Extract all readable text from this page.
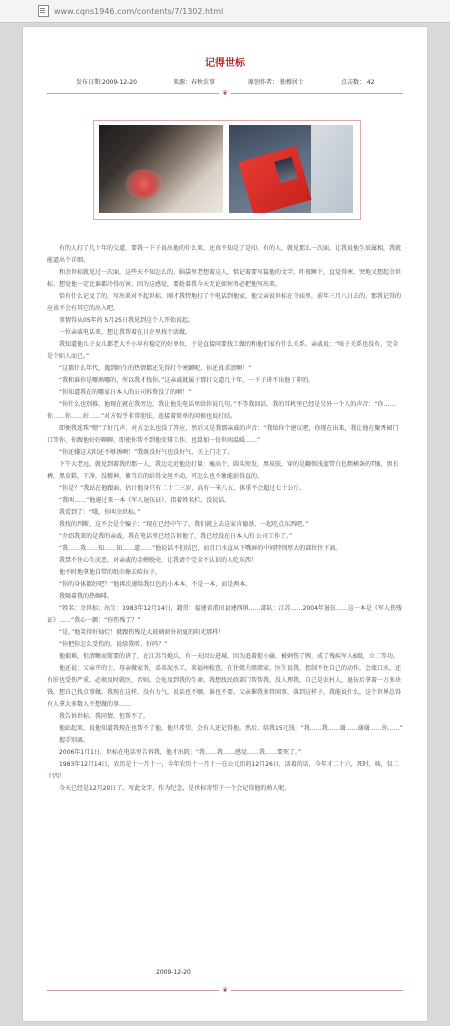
www.cqns1946.com/contents/7/1302.html
记得世标
发布日期:2009-12-20	来源：春秋农事	原创作者： 独穆居士	点击数： 42
❦

有的人打了几十年的交道，要我一下子说出他的什么来，还真不知是了是印。有的人，就见那么一次面，让我说他生辰属相，我就能道出个详细。

和余世标就见过一次面，这些天不知怎么的，脑袋里老想着这人，惦记着要写篇他的文字，昨夜睡下，直觉得寒，突地又想起余世标。想觉他一定比谁都冷得厉害，因为这感觉，要趁着我今天无论如何务必把他写出来。

恰有什么记叉了的，写出来对不起世标，刚才我特地打了个电话到他家，他父亲说世标在寺庙里，前年三月八日去的。那我记得的应该不会有其它的出入吧。

事情得从05年的 5月25日我见到这个人开始说起。

一位亲戚电话来，想让我帮着在日企里找个活做。

我知道他儿子女儿都老大不小早有稳定的好单位，于是直接问要找工做的和他们家有什么关系。亲戚说：“咳子关系也没有，完全是个陌人而已。”

“这都什么年代，遇到陌生的热情都还先得打个寒颤呢，你还真求清啊！”

“我和谁你是哪熟哪的，所以我才找你。”这亲戚就属于那打交道几十年，一下子讲不出他丁卯的。

“你知道我在的哪家日本人的公司拆资没了的啊！”

“你什么也别推，他现在就在我旁边，我让他先电话里给你说几句。”不等我回话，我的耳机里已经是另外一个人的声音：“你……你……你……好……”对方似乎非常胆怯，连接着简单的问候也说打结。

即便我连珠“嗯”了好几声，对方怎么也没了答应，然后又是我那亲戚的声音：“我给你个建议吧，你现在出来，我让他在聚香园门口等你，你跟他好好聊聊，即使你帮不到他安排工作，也算加一份世间温暖……”

“你还嫌这大阳还不够诱啊！”我既没好气也没好气，关上门走了。

下午大老远，就见到着我的那一人，我边走近他边打量：瘦高个，圆头短发，黑皮肤，穿的是翻领浅蓝带白色粗横条的T恤，黑长裤，黑皮鞋，干净，没精神，象当兵的站得文丝不动，可怎么也不象能站得直的。

“你是？”我站在他跟面，估计他身只有二十二三岁，高有一米八五，体重不会超过七十公斤。

“我叫……”他递过来一本《军人退伍证》，指着姓名栏，没说话。

我看到了：“哦，你叫余世标。”

我找的判断，这不会是个骗子：“现在已经中午了，我们就上去这家肯德基，一起吃点东西吧。”

“介绍我来的是我的亲戚，我在电话里已经告诉他了，我已经没在日本人的 公司工作了。”

“我……我……知……知……道……”他说话不但结巴，而且口水直从下嘴唇的中间特别厚大的部位往下淌。

我禁不住心生厌恶，对亲戚的金蝉脱壳，让我请个完全不认识的人吃东西！

他不时地拿他自带的纸巾擦去哈拉子。

“你的身体都好吧？”他再次递给我红色的小本本，不是一本，而是两本。

我喝着我的热咖啡。

“姓名：余世标；出生：1983年12月14日，籍贯：福建省莆田县建西镇……部队：江苏……2004年退伍……这一本是《军人伤残证》……”我心一颤：“你伤残了？”

“是。”他笑得好灿烂！就跟伤残是大玻璃窗外初夏的阳光那样！

“你把你怎么受伤的，说给我听，好吗？”

他艰难，但清晰而简要的讲了，在江苏当炮兵，有一天因公进城，因为追着捉小偷，被刺伤了脾，成了残疾军人6级，立二等功。

他还说：父亲开的士，母亲做家务，弟弟泥水工，来福州检查，在住姐夫姐姐家。医生说我，控制不住自己的动作，会流口水，还有肝也受伤严重，必须及时就医，否则，会危及到我的生命。我想找民政部门帮帮我，没人理我，自己是农村人，退伍后拿着一万多块钱，想自己找点事做。我现在这样，没有力气，说话也不顺，谁也不要。父亲催我多管闲事，落到这样子。我能说什么，这个世界总得有人拿大多数人不想做的事……

我告诉世标，我同情，但帮不了。

他站起来，说他知道我现在也帮不了他，他只希望，会有人还记得他。然后，给我15元钱：“我……我……谢……谢谢……你……”

握手别离。

2006年1月1日，世标在电话里告诉我，他才出院：“我……我……感觉……我……要死了。”

1983年12月14日，农历是十一月十一，今年农历十一月十一在公元历的12月26日，活着的话，今年才二十六，死时，咳，仅二十四！

今天已经是12月20日了。写此文字，作为纪念，是世标寄望于一个会记得他的熟人呢。

2009-12-20
❦
